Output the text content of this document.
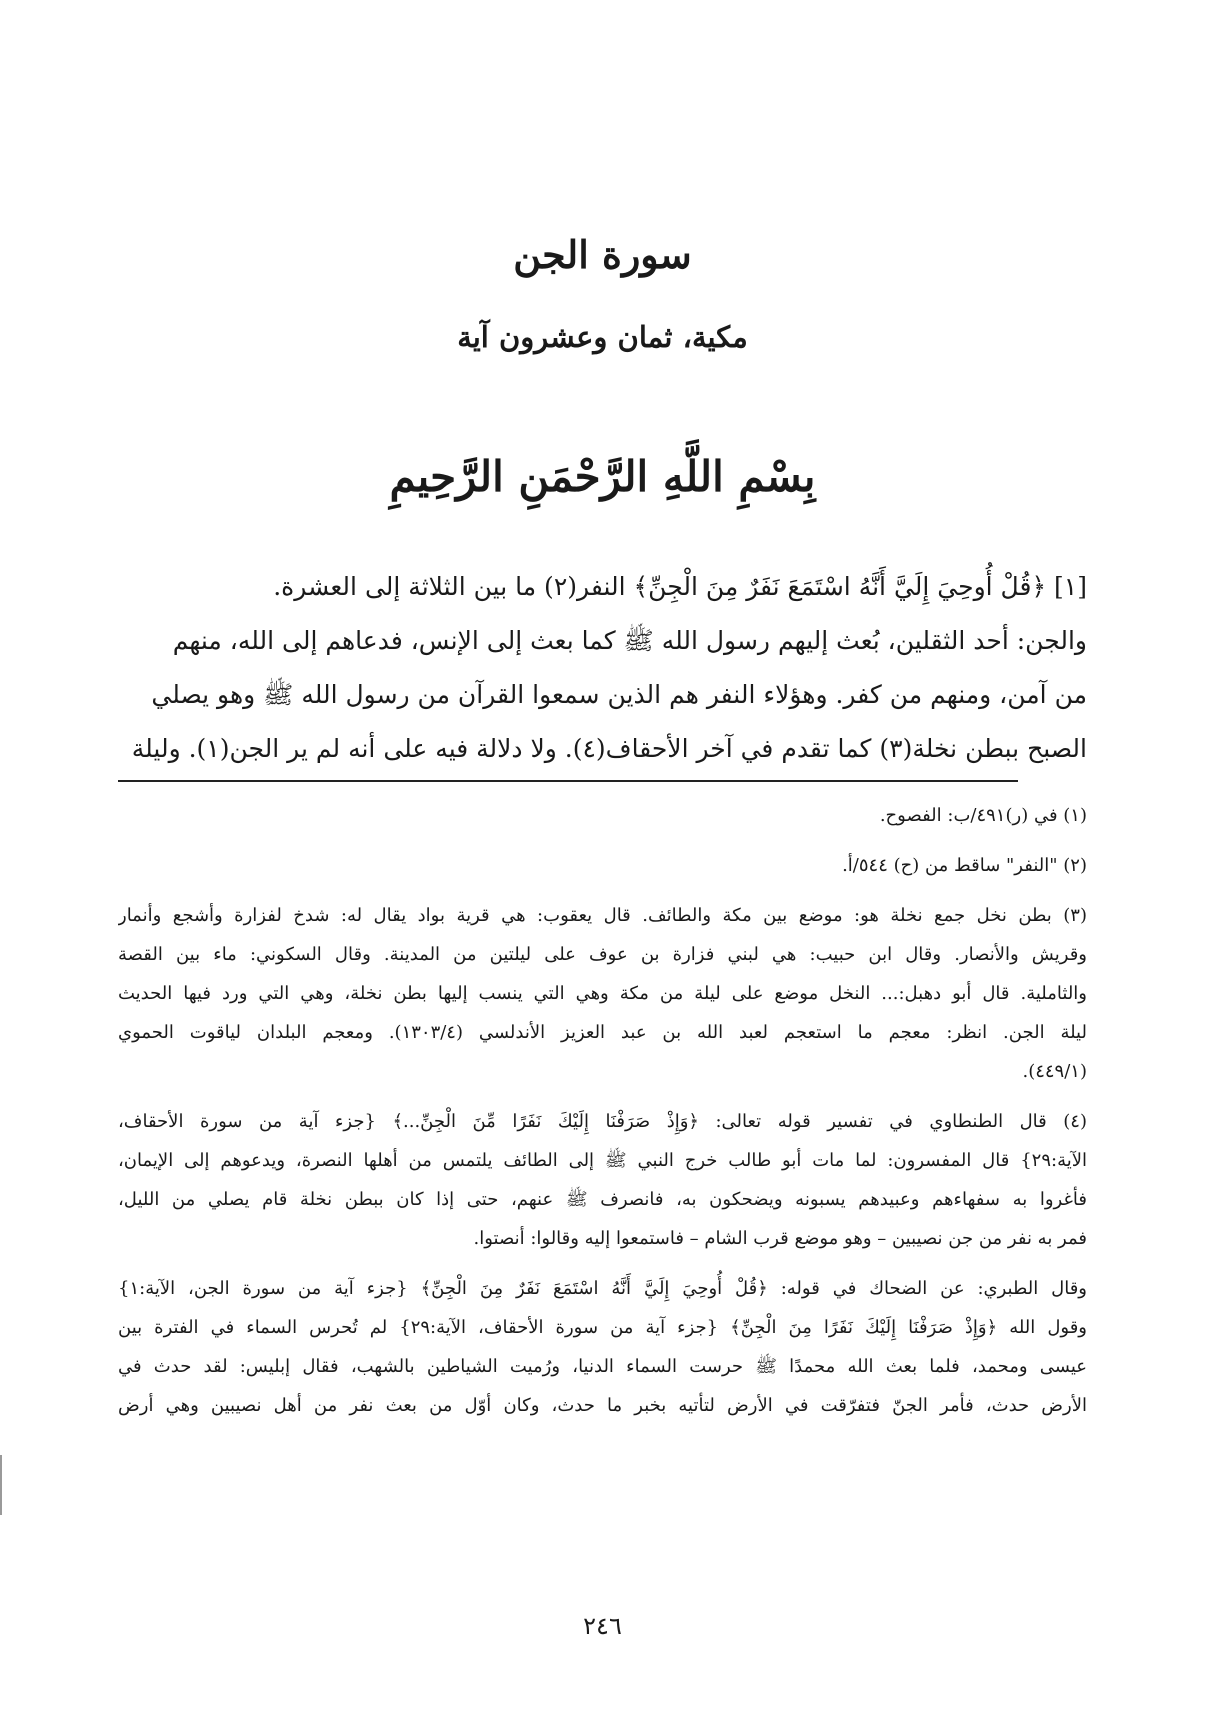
سورة الجن
مكية، ثمان وعشرون آية
بِسْمِ اللَّهِ الرَّحْمَنِ الرَّحِيمِ
[١] ﴿قُلْ أُوحِيَ إِلَيَّ أَنَّهُ اسْتَمَعَ نَفَرٌ مِنَ الْجِنِّ﴾ النفر(٢) ما بين الثلاثة إلى العشرة.
والجن: أحد الثقلين، بُعث إليهم رسول الله ﷺ كما بعث إلى الإنس، فدعاهم إلى الله، منهم
من آمن، ومنهم من كفر. وهؤلاء النفر هم الذين سمعوا القرآن من رسول الله ﷺ وهو يصلي
الصبح ببطن نخلة(٣) كما تقدم في آخر الأحقاف(٤). ولا دلالة فيه على أنه لم ير الجن(١). وليلة
(١) في (ر)٤٩١/ب: الفصوح.
(٢) "النفر" ساقط من (ح) ٥٤٤/أ.
(٣) بطن نخل جمع نخلة هو: موضع بين مكة والطائف. قال يعقوب: هي قرية بواد يقال له: شدخ لفزارة وأشجع وأنمار
وقريش والأنصار. وقال ابن حبيب: هي لبني فزارة بن عوف على ليلتين من المدينة. وقال السكوني: ماء بين القصة
والثاملية. قال أبو دهبل:... النخل موضع على ليلة من مكة وهي التي ينسب إليها بطن نخلة، وهي التي ورد فيها الحديث
ليلة الجن. انظر: معجم ما استعجم لعبد الله بن عبد العزيز الأندلسي (١٣٠٣/٤). ومعجم البلدان لياقوت الحموي
(٤٤٩/١).
(٤) قال الطنطاوي في تفسير قوله تعالى: ﴿وَإِذْ صَرَفْنَا إِلَيْكَ نَفَرًا مِّنَ الْجِنِّ...﴾ {جزء آية من سورة الأحقاف،
الآية:٢٩} قال المفسرون: لما مات أبو طالب خرج النبي ﷺ إلى الطائف يلتمس من أهلها النصرة، ويدعوهم إلى الإيمان،
فأغروا به سفهاءهم وعبيدهم يسبونه ويضحكون به، فانصرف ﷺ عنهم، حتى إذا كان ببطن نخلة قام يصلي من الليل،
فمر به نفر من جن نصيبين – وهو موضع قرب الشام – فاستمعوا إليه وقالوا: أنصتوا.
وقال الطبري: عن الضحاك في قوله: ﴿قُلْ أُوحِيَ إِلَيَّ أَنَّهُ اسْتَمَعَ نَفَرٌ مِنَ الْجِنِّ﴾ {جزء آية من سورة الجن، الآية:١}
وقول الله ﴿وَإِذْ صَرَفْنَا إِلَيْكَ نَفَرًا مِنَ الْجِنِّ﴾ {جزء آية من سورة الأحقاف، الآية:٢٩} لم تُحرس السماء في الفترة بين
عيسى ومحمد، فلما بعث الله محمدًا ﷺ حرست السماء الدنيا، ورُميت الشياطين بالشهب، فقال إبليس: لقد حدث في
الأرض حدث، فأمر الجنّ فتفرّقت في الأرض لتأتيه بخبر ما حدث، وكان أوّل من بعث نفر من أهل نصيبين وهي أرض
٢٤٦
